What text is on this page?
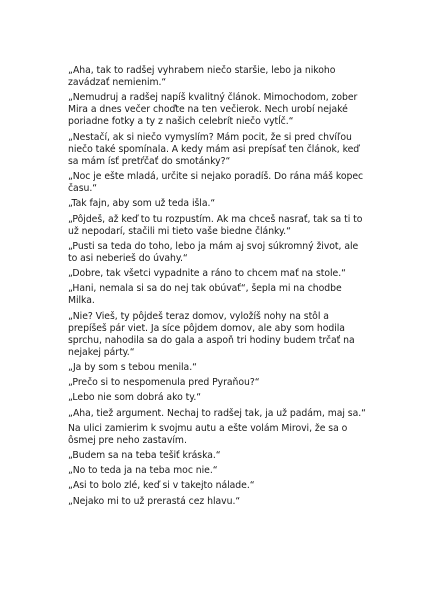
„Aha, tak to radšej vyhrabem niečo staršie, lebo ja nikoho zavádzať nemienim.“

„Nemudruj a radšej napíš kvalitný článok. Mimochodom, zober Mira a dnes večer choďte na ten večierok. Nech urobí nejaké poriadne fotky a ty z našich celebrít niečo vytĺč.“

„Nestačí, ak si niečo vymyslím? Mám pocit, že si pred chvíľou niečo také spomínala. A kedy mám asi prepísať ten článok, keď sa mám ísť pretŕčať do smotánky?“

„Noc je ešte mladá, určite si nejako poradíš. Do rána máš kopec času.“

„Tak fajn, aby som už teda išla.“

„Pôjdeš, až keď to tu rozpustím. Ak ma chceš nasrať, tak sa ti to už nepodarí, stačili mi tieto vaše biedne články.“

„Pusti sa teda do toho, lebo ja mám aj svoj súkromný život, ale to asi neberieš do úvahy.“

„Dobre, tak všetci vypadnite a ráno to chcem mať na stole.“

„Hani, nemala si sa do nej tak obúvať“, šepla mi na chodbe Milka.

„Nie? Vieš, ty pôjdeš teraz domov, vyložíš nohy na stôl a prepíšeš pár viet. Ja síce pôjdem domov, ale aby som hodila sprchu, nahodila sa do gala a aspoň tri hodiny budem trčať na nejakej párty.“

„Ja by som s tebou menila.“

„Prečo si to nespomenula pred Pyraňou?“

„Lebo nie som dobrá ako ty.“

„Aha, tiež argument. Nechaj to radšej tak, ja už padám, maj sa.“

Na ulici zamierim k svojmu autu a ešte volám Mirovi, že sa o ôsmej pre neho zastavím.

„Budem sa na teba tešiť kráska.“

„No to teda ja na teba moc nie.“

„Asi to bolo zlé, keď si v takejto nálade.“

„Nejako mi to už prerastá cez hlavu.“
